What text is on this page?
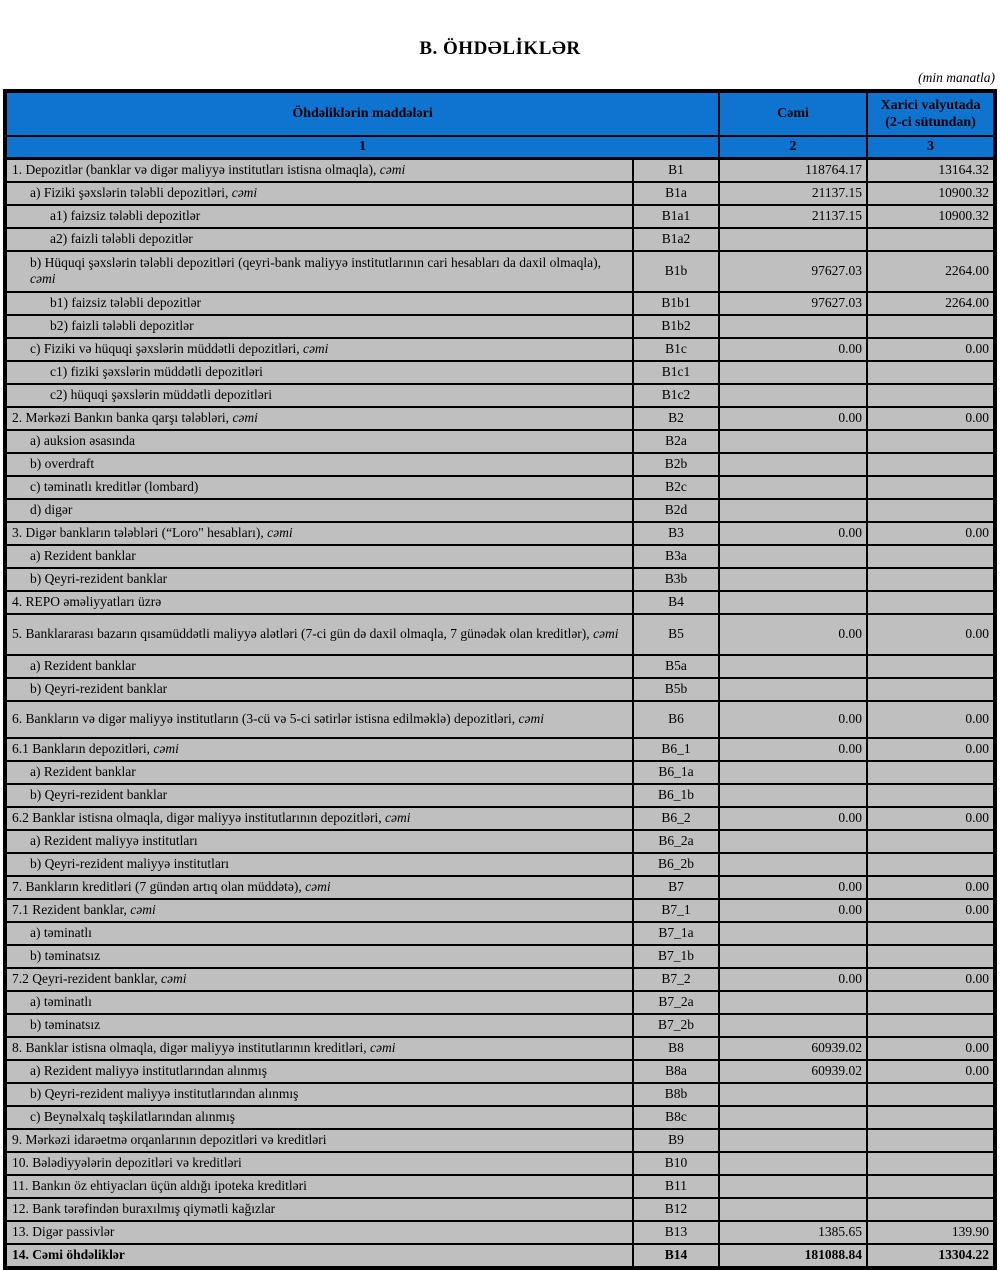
B. ÖHDƏLİKLƏR
(min manatla)
Öhdəliklərin maddələri		Cəmi	Xarici valyutada (2-ci sütundan)
1		2	3
1. Depozitlər (banklar və digər maliyyə institutları istisna olmaqla), cəmi	B1	118764.17	13164.32
a) Fiziki şəxslərin tələbli depozitləri, cəmi	B1a	21137.15	10900.32
a1) faizsiz tələbli depozitlər	B1a1	21137.15	10900.32
a2) faizli tələbli depozitlər	B1a2		
b) Hüquqi şəxslərin tələbli depozitləri (qeyri-bank maliyyə institutlarının cari hesabları da daxil olmaqla), cəmi	B1b	97627.03	2264.00
b1) faizsiz tələbli depozitlər	B1b1	97627.03	2264.00
b2) faizli tələbli depozitlər	B1b2		
c) Fiziki və hüquqi şəxslərin müddətli depozitləri, cəmi	B1c	0.00	0.00
c1) fiziki şəxslərin müddətli depozitləri	B1c1		
c2) hüquqi şəxslərin müddətli depozitləri	B1c2		
2. Mərkəzi Bankın banka qarşı tələbləri, cəmi	B2	0.00	0.00
a) auksion əsasında	B2a		
b) overdraft	B2b		
c) təminatlı kreditlər (lombard)	B2c		
d) digər	B2d		
3. Digər bankların tələbləri (“Loro" hesabları), cəmi	B3	0.00	0.00
a) Rezident banklar	B3a		
b) Qeyri-rezident banklar	B3b		
4. REPO əməliyyatları üzrə	B4		
5. Banklararası bazarın qısamüddətli maliyyə alətləri (7-ci gün də daxil olmaqla, 7 günədək olan kreditlər), cəmi	B5	0.00	0.00
a) Rezident banklar	B5a		
b) Qeyri-rezident banklar	B5b		
6. Bankların və digər maliyyə institutların (3-cü və 5-ci sətirlər istisna edilməklə) depozitləri, cəmi	B6	0.00	0.00
6.1 Bankların depozitləri, cəmi	B6_1	0.00	0.00
a) Rezident banklar	B6_1a		
b) Qeyri-rezident banklar	B6_1b		
6.2 Banklar istisna olmaqla, digər maliyyə institutlarının depozitləri, cəmi	B6_2	0.00	0.00
a) Rezident maliyyə institutları	B6_2a		
b) Qeyri-rezident maliyyə institutları	B6_2b		
7. Bankların kreditləri (7 gündən artıq olan müddətə), cəmi	B7	0.00	0.00
7.1 Rezident banklar, cəmi	B7_1	0.00	0.00
a) təminatlı	B7_1a		
b) təminatsız	B7_1b		
7.2 Qeyri-rezident banklar, cəmi	B7_2	0.00	0.00
a) təminatlı	B7_2a		
b) təminatsız	B7_2b		
8. Banklar istisna olmaqla, digər maliyyə institutlarının kreditləri, cəmi	B8	60939.02	0.00
a) Rezident maliyyə institutlarından alınmış	B8a	60939.02	0.00
b) Qeyri-rezident maliyyə institutlarından alınmış	B8b		
c) Beynəlxalq təşkilatlarından alınmış	B8c		
9. Mərkəzi idarəetmə orqanlarının depozitləri və kreditləri	B9		
10. Bələdiyyələrin depozitləri və kreditləri	B10		
11. Bankın öz ehtiyacları üçün aldığı ipoteka kreditləri	B11		
12. Bank tərəfindən buraxılmış qiymətli kağızlar	B12		
13. Digər passivlər	B13	1385.65	139.90
14. Cəmi öhdəliklər	B14	181088.84	13304.22
